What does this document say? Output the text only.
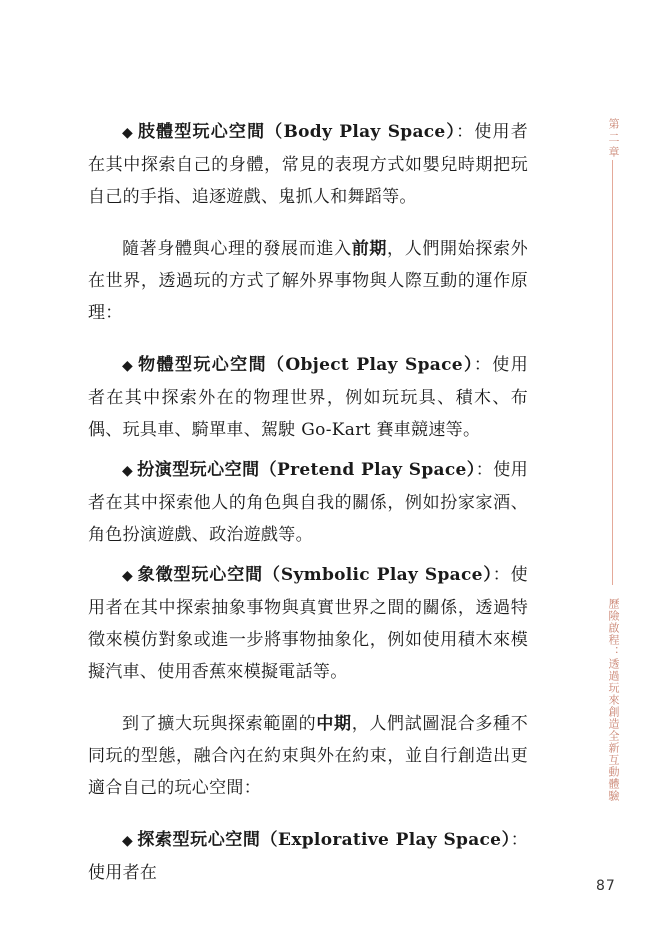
◆ 肢體型玩心空間（Body Play Space）：使用者在其中探索自己的身體，常見的表現方式如嬰兒時期把玩自己的手指、追逐遊戲、鬼抓人和舞蹈等。

隨著身體與心理的發展而進入前期，人們開始探索外在世界，透過玩的方式了解外界事物與人際互動的運作原理：

◆ 物體型玩心空間（Object Play Space）：使用者在其中探索外在的物理世界，例如玩玩具、積木、布偶、玩具車、騎單車、駕駛 Go-Kart 賽車競速等。

◆ 扮演型玩心空間（Pretend Play Space）：使用者在其中探索他人的角色與自我的關係，例如扮家家酒、角色扮演遊戲、政治遊戲等。

◆ 象徵型玩心空間（Symbolic Play Space）：使用者在其中探索抽象事物與真實世界之間的關係，透過特徵來模仿對象或進一步將事物抽象化，例如使用積木來模擬汽車、使用香蕉來模擬電話等。

到了擴大玩與探索範圍的中期，人們試圖混合多種不同玩的型態，融合內在約束與外在約束，並自行創造出更適合自己的玩心空間：

◆ 探索型玩心空間（Explorative Play Space）：使用者在

第二章
歷險啟程：透過玩來創造全新互動體驗
87
